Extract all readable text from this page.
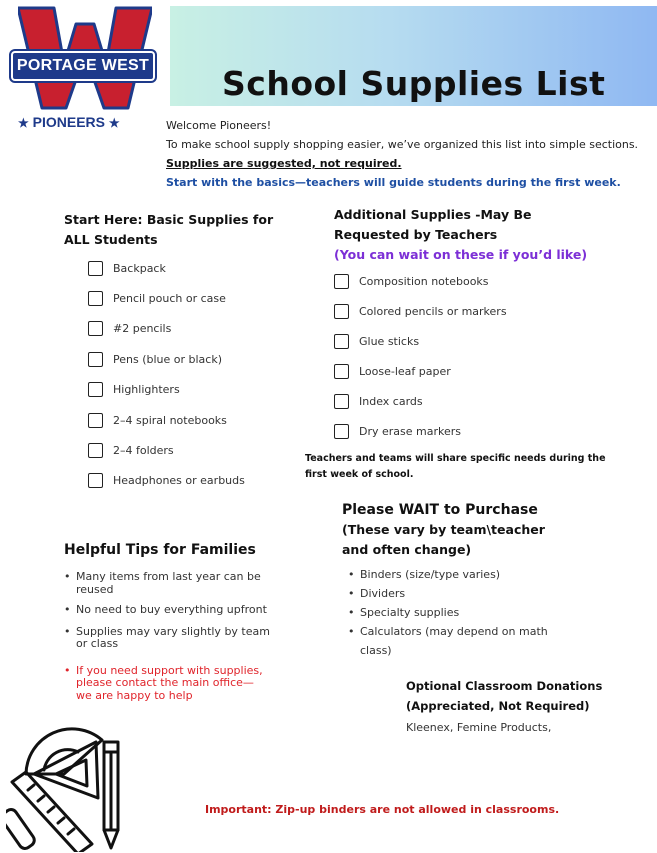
School Supplies List
PORTAGE WEST
★ PIONEERS ★	Welcome Pioneers!
To make school supply shopping easier, we’ve organized this list into simple sections.
Supplies are suggested, not required.
Start with the basics—teachers will guide students during the first week.
Start Here: Basic Supplies for
ALL Students
Backpack
Pencil pouch or case
#2 pencils
Pens (blue or black)
Highlighters
2–4 spiral notebooks
2–4 folders
Headphones or earbuds
Additional Supplies -May Be
Requested by Teachers
(You can wait on these if you’d like)
Composition notebooks
Colored pencils or markers
Glue sticks
Loose-leaf paper
Index cards
Dry erase markers
Teachers and teams will share specific needs during the
first week of school.
Please WAIT to Purchase
(These vary by team\teacher
and often change)
• Binders (size/type varies)
• Dividers
• Specialty supplies
• Calculators (may depend on math class)
Helpful Tips for Families
• Many items from last year can be reused
• No need to buy everything upfront
• Supplies may vary slightly by team or class
• If you need support with supplies, please contact the main office—we are happy to help
Optional Classroom Donations
(Appreciated, Not Required)
Kleenex, Femine Products,
Important: Zip-up binders are not allowed in classrooms.
